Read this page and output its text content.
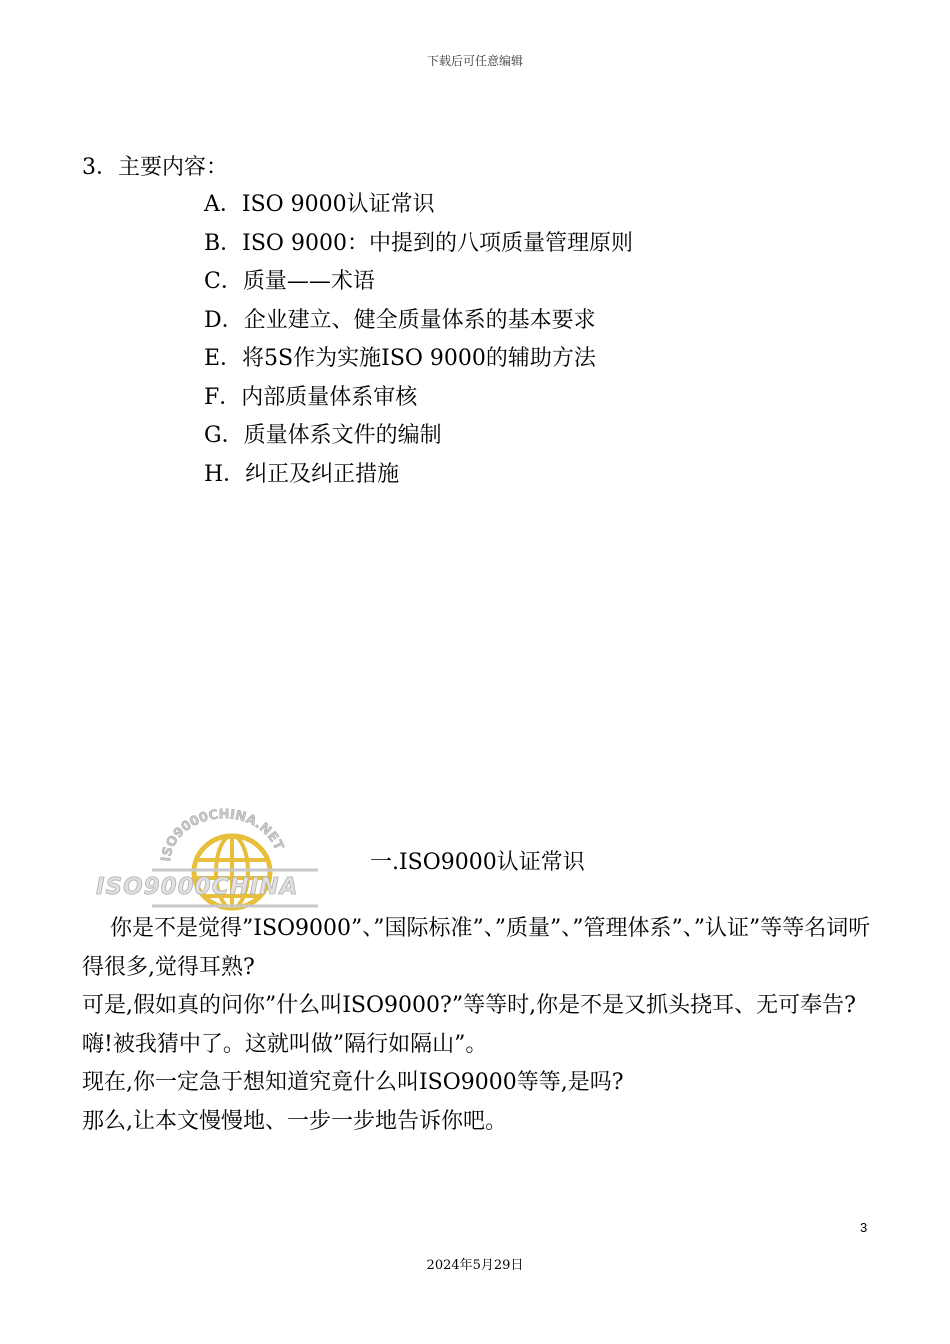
下载后可任意编辑
3．主要内容：
A．ISO 9000认证常识
B．ISO 9000：中提到的八项质量管理原则
C．质量——术语
D．企业建立、健全质量体系的基本要求
E．将5S作为实施ISO 9000的辅助方法
F．内部质量体系审核
G．质量体系文件的编制
H．纠正及纠正措施
ISO9000CHINA.NET
ISO9000CHINA
一.ISO9000认证常识

你是不是觉得”ISO9000”、”国际标准”、”质量”、”管理体系”、”认证”等等名词听得很多,觉得耳熟?

可是,假如真的问你”什么叫ISO9000?”等等时,你是不是又抓头挠耳、无可奉告?

嗨!被我猜中了。这就叫做”隔行如隔山”。

现在,你一定急于想知道究竟什么叫ISO9000等等,是吗?

那么,让本文慢慢地、一步一步地告诉你吧。

3
2024年5月29日
